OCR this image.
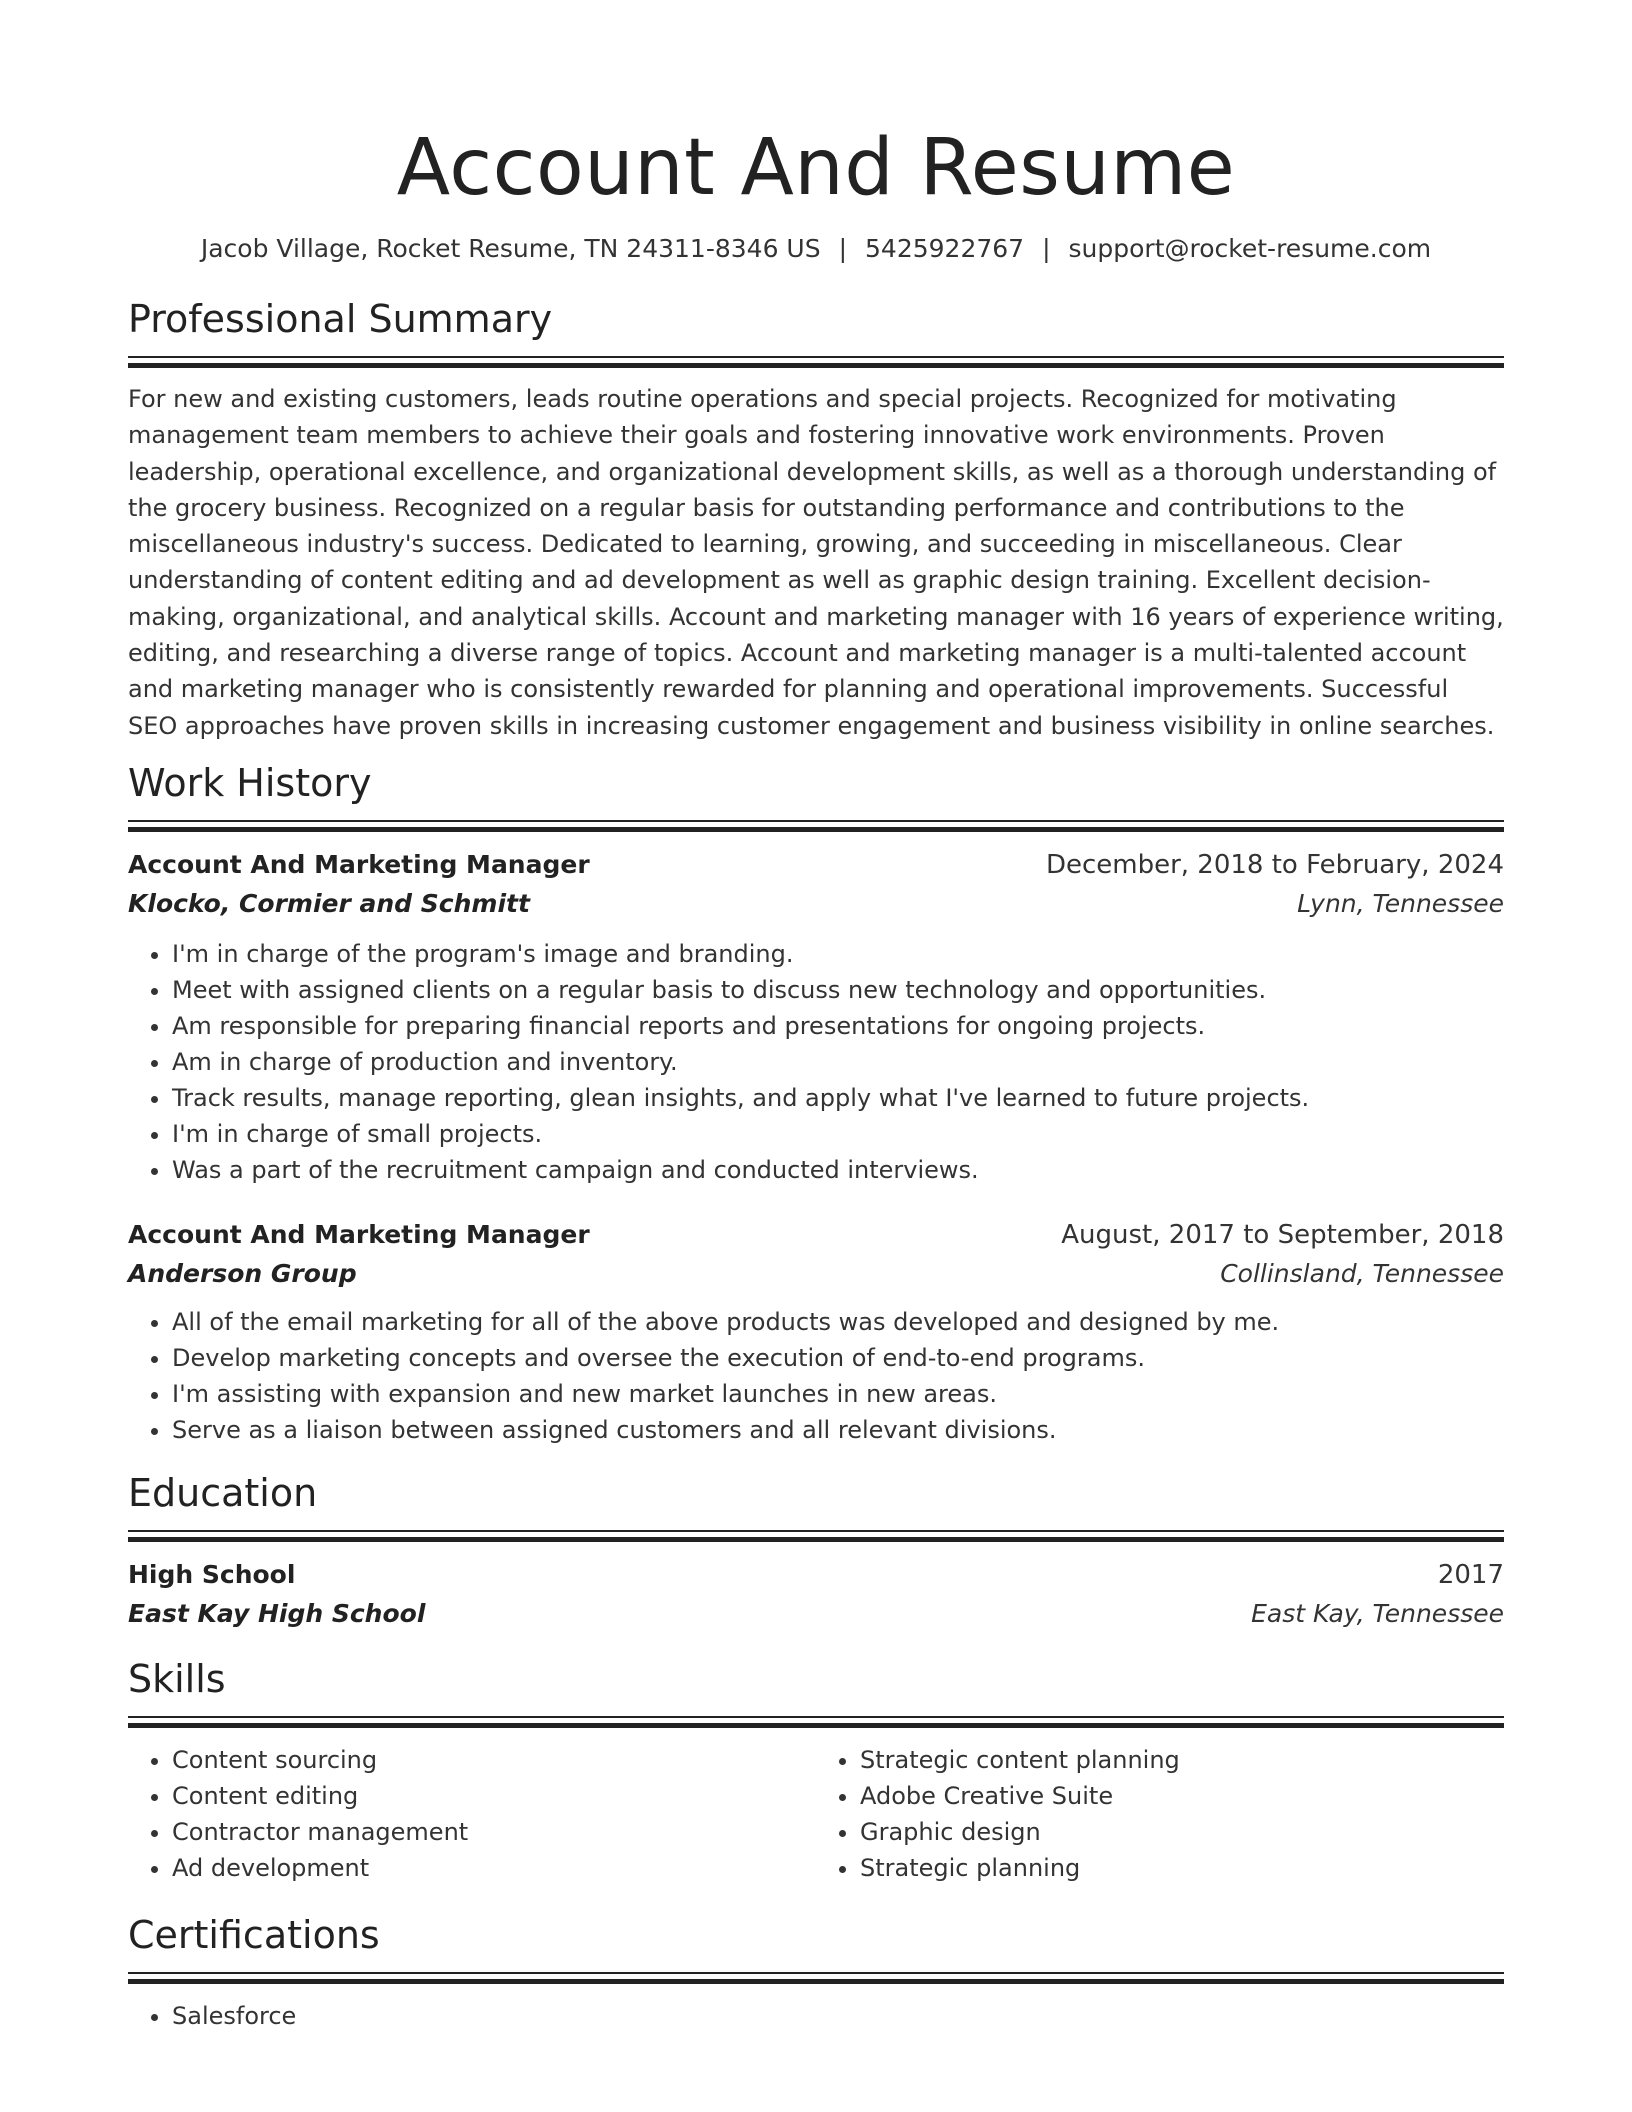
Account And Resume
Jacob Village, Rocket Resume, TN 24311-8346 US | 5425922767 | support@rocket-resume.com
Professional Summary
For new and existing customers, leads routine operations and special projects. Recognized for motivating management team members to achieve their goals and fostering innovative work environments. Proven leadership, operational excellence, and organizational development skills, as well as a thorough understanding of the grocery business. Recognized on a regular basis for outstanding performance and contributions to the miscellaneous industry's success. Dedicated to learning, growing, and succeeding in miscellaneous. Clear understanding of content editing and ad development as well as graphic design training. Excellent decision-making, organizational, and analytical skills. Account and marketing manager with 16 years of experience writing, editing, and researching a diverse range of topics. Account and marketing manager is a multi-talented account and marketing manager who is consistently rewarded for planning and operational improvements. Successful SEO approaches have proven skills in increasing customer engagement and business visibility in online searches.
Work History
Account And Marketing Manager	December, 2018 to February, 2024
Klocko, Cormier and Schmitt	Lynn, Tennessee
• I'm in charge of the program's image and branding.
• Meet with assigned clients on a regular basis to discuss new technology and opportunities.
• Am responsible for preparing financial reports and presentations for ongoing projects.
• Am in charge of production and inventory.
• Track results, manage reporting, glean insights, and apply what I've learned to future projects.
• I'm in charge of small projects.
• Was a part of the recruitment campaign and conducted interviews.
Account And Marketing Manager	August, 2017 to September, 2018
Anderson Group	Collinsland, Tennessee
• All of the email marketing for all of the above products was developed and designed by me.
• Develop marketing concepts and oversee the execution of end-to-end programs.
• I'm assisting with expansion and new market launches in new areas.
• Serve as a liaison between assigned customers and all relevant divisions.
Education
High School	2017
East Kay High School	East Kay, Tennessee
Skills
• Content sourcing
• Content editing
• Contractor management
• Ad development
• Strategic content planning
• Adobe Creative Suite
• Graphic design
• Strategic planning
Certifications
• Salesforce
